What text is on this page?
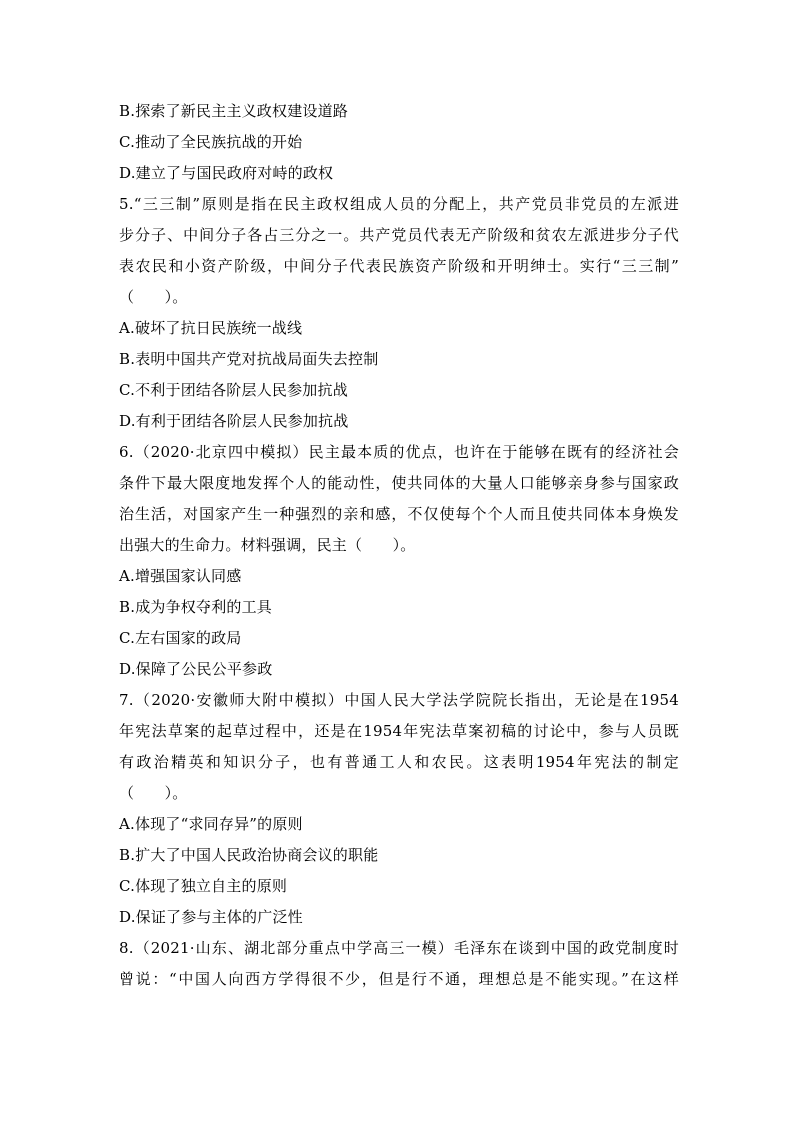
B.探索了新民主主义政权建设道路
C.推动了全民族抗战的开始
D.建立了与国民政府对峙的政权
5.“三三制”原则是指在民主政权组成人员的分配上，共产党员非党员的左派进
步分子、中间分子各占三分之一。共产党员代表无产阶级和贫农左派进步分子代
表农民和小资产阶级，中间分子代表民族资产阶级和开明绅士。实行“三三制”
（　　）。
A.破坏了抗日民族统一战线
B.表明中国共产党对抗战局面失去控制
C.不利于团结各阶层人民参加抗战
D.有利于团结各阶层人民参加抗战
6.（2020·北京四中模拟）民主最本质的优点，也许在于能够在既有的经济社会
条件下最大限度地发挥个人的能动性，使共同体的大量人口能够亲身参与国家政
治生活，对国家产生一种强烈的亲和感，不仅使每个个人而且使共同体本身焕发
出强大的生命力。材料强调，民主（　　）。
A.增强国家认同感
B.成为争权夺利的工具
C.左右国家的政局
D.保障了公民公平参政
7.（2020·安徽师大附中模拟）中国人民大学法学院院长指出，无论是在1954
年宪法草案的起草过程中，还是在1954年宪法草案初稿的讨论中，参与人员既
有政治精英和知识分子，也有普通工人和农民。这表明1954年宪法的制定
（　　）。
A.体现了“求同存异”的原则
B.扩大了中国人民政治协商会议的职能
C.体现了独立自主的原则
D.保证了参与主体的广泛性
8.（2021·山东、湖北部分重点中学高三一模）毛泽东在谈到中国的政党制度时
曾说：“中国人向西方学得很不少，但是行不通，理想总是不能实现。”在这样
